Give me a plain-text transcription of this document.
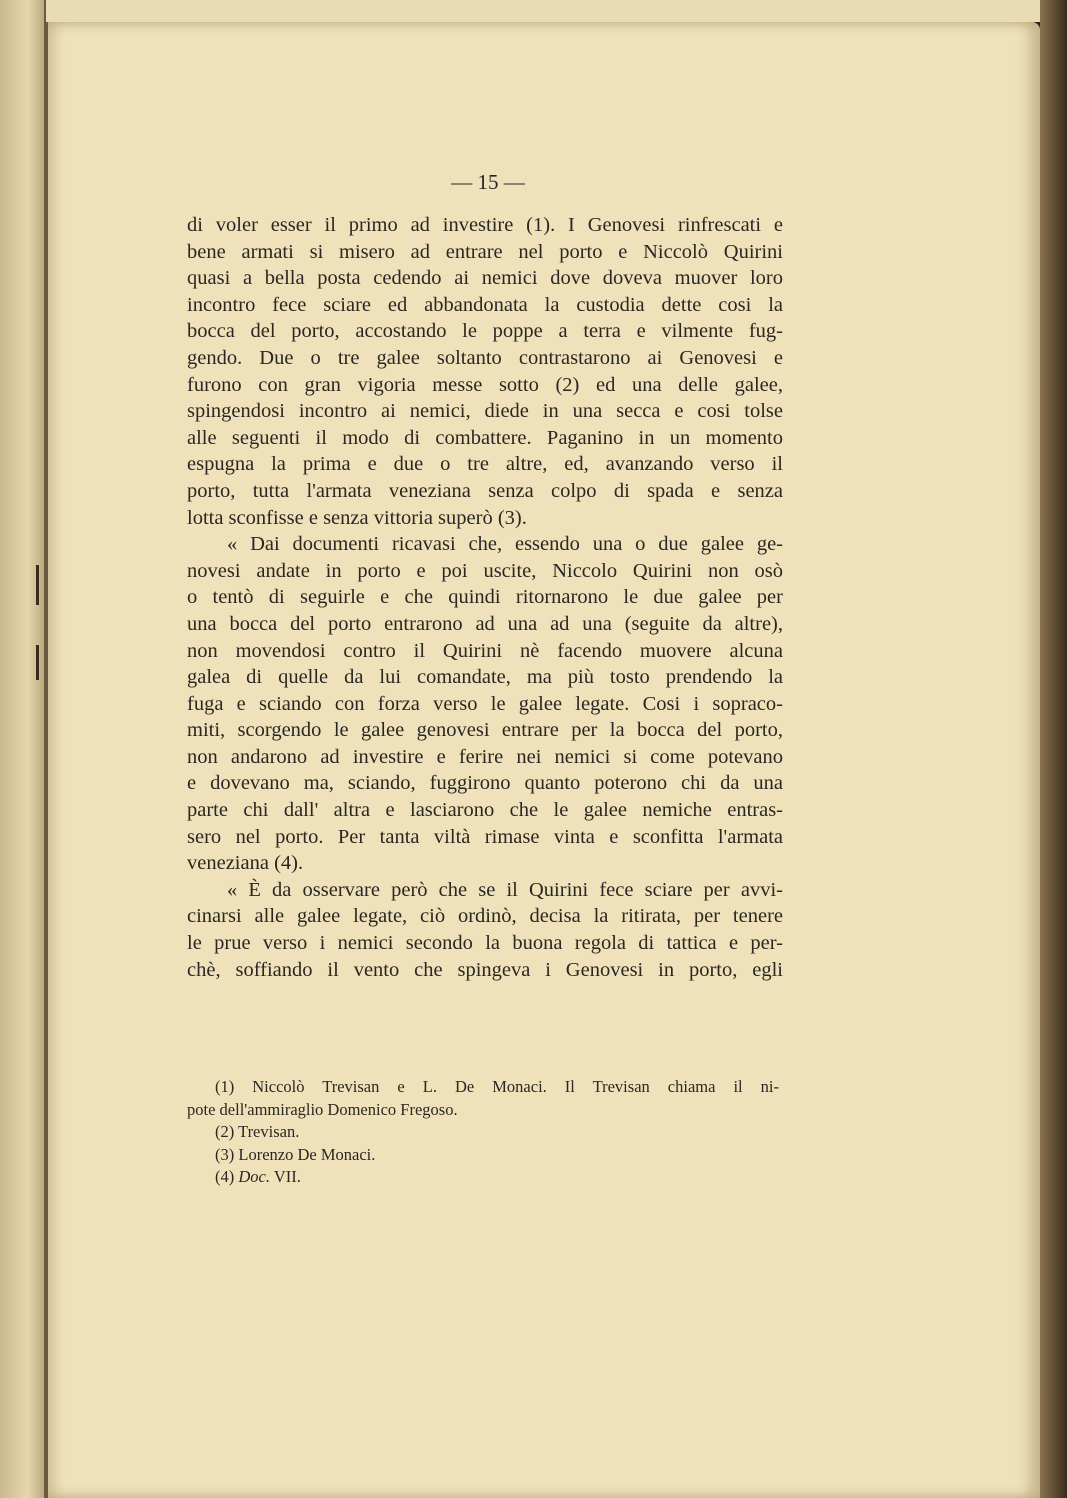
— 15 —
di voler esser il primo ad investire (1). I Genovesi rinfrescati e
bene armati si misero ad entrare nel porto e Niccolò Quirini
quasi a bella posta cedendo ai nemici dove doveva muover loro
incontro fece sciare ed abbandonata la custodia dette cosi la
bocca del porto, accostando le poppe a terra e vilmente fug-
gendo. Due o tre galee soltanto contrastarono ai Genovesi e
furono con gran vigoria messe sotto (2) ed una delle galee,
spingendosi incontro ai nemici, diede in una secca e cosi tolse
alle seguenti il modo di combattere. Paganino in un momento
espugna la prima e due o tre altre, ed, avanzando verso il
porto, tutta l'armata veneziana senza colpo di spada e senza
lotta sconfisse e senza vittoria superò (3).
« Dai documenti ricavasi che, essendo una o due galee ge-
novesi andate in porto e poi uscite, Niccolo Quirini non osò
o tentò di seguirle e che quindi ritornarono le due galee per
una bocca del porto entrarono ad una ad una (seguite da altre),
non movendosi contro il Quirini nè facendo muovere alcuna
galea di quelle da lui comandate, ma più tosto prendendo la
fuga e sciando con forza verso le galee legate. Cosi i sopraco-
miti, scorgendo le galee genovesi entrare per la bocca del porto,
non andarono ad investire e ferire nei nemici si come potevano
e dovevano ma, sciando, fuggirono quanto poterono chi da una
parte chi dall' altra e lasciarono che le galee nemiche entras-
sero nel porto. Per tanta viltà rimase vinta e sconfitta l'armata
veneziana (4).
« È da osservare però che se il Quirini fece sciare per avvi-
cinarsi alle galee legate, ciò ordinò, decisa la ritirata, per tenere
le prue verso i nemici secondo la buona regola di tattica e per-
chè, soffiando il vento che spingeva i Genovesi in porto, egli
(1) Niccolò Trevisan e L. De Monaci. Il Trevisan chiama il ni-
pote dell'ammiraglio Domenico Fregoso.
(2) Trevisan.
(3) Lorenzo De Monaci.
(4) Doc. VII.
